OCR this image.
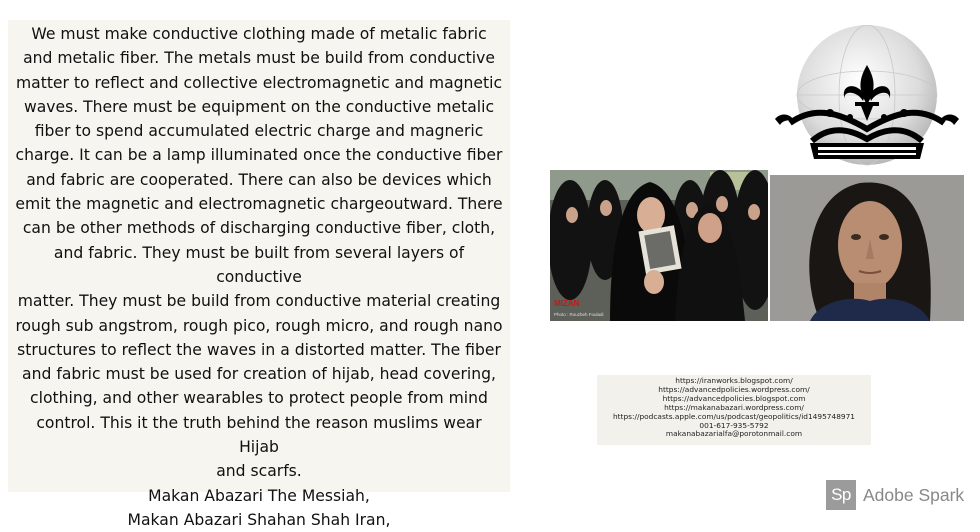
We must make conductive clothing made of metalic fabric

and metalic fiber. The metals must be build from conductive

matter to reflect and collective electromagnetic and magnetic

waves. There must be equipment on the conductive metalic

fiber to spend accumulated electric charge and magneric

charge. It can be a lamp illuminated once the conductive fiber

and fabric are cooperated. There can also be devices which

emit the magnetic and electromagnetic chargeoutward. There

can be other methods of discharging conductive fiber, cloth,

and fabric. They must be built from several layers of conductive

matter. They must be build from conductive material creating

rough sub angstrom, rough pico, rough micro, and rough nano

structures to reflect the waves in a distorted matter. The fiber

and fabric must be used for creation of hijab, head covering,

clothing, and other wearables to protect people from mind

control. This it the truth behind the reason muslims wear Hijab

and scarfs.

Makan Abazari The Messiah,

Makan Abazari Shahan Shah Iran,

MIZAN
Photo : Rouzbeh Fouladi
https://iranworks.blogspot.com/
https://advancedpolicies.wordpress.com/
https://advancedpolicies.blogspot.com
https://makanabazari.wordpress.com/
https://podcasts.apple.com/us/podcast/geopolitics/id1495748971
001-617-935-5792
makanabazarialfa@porotonmail.com
Sp Adobe Spark
